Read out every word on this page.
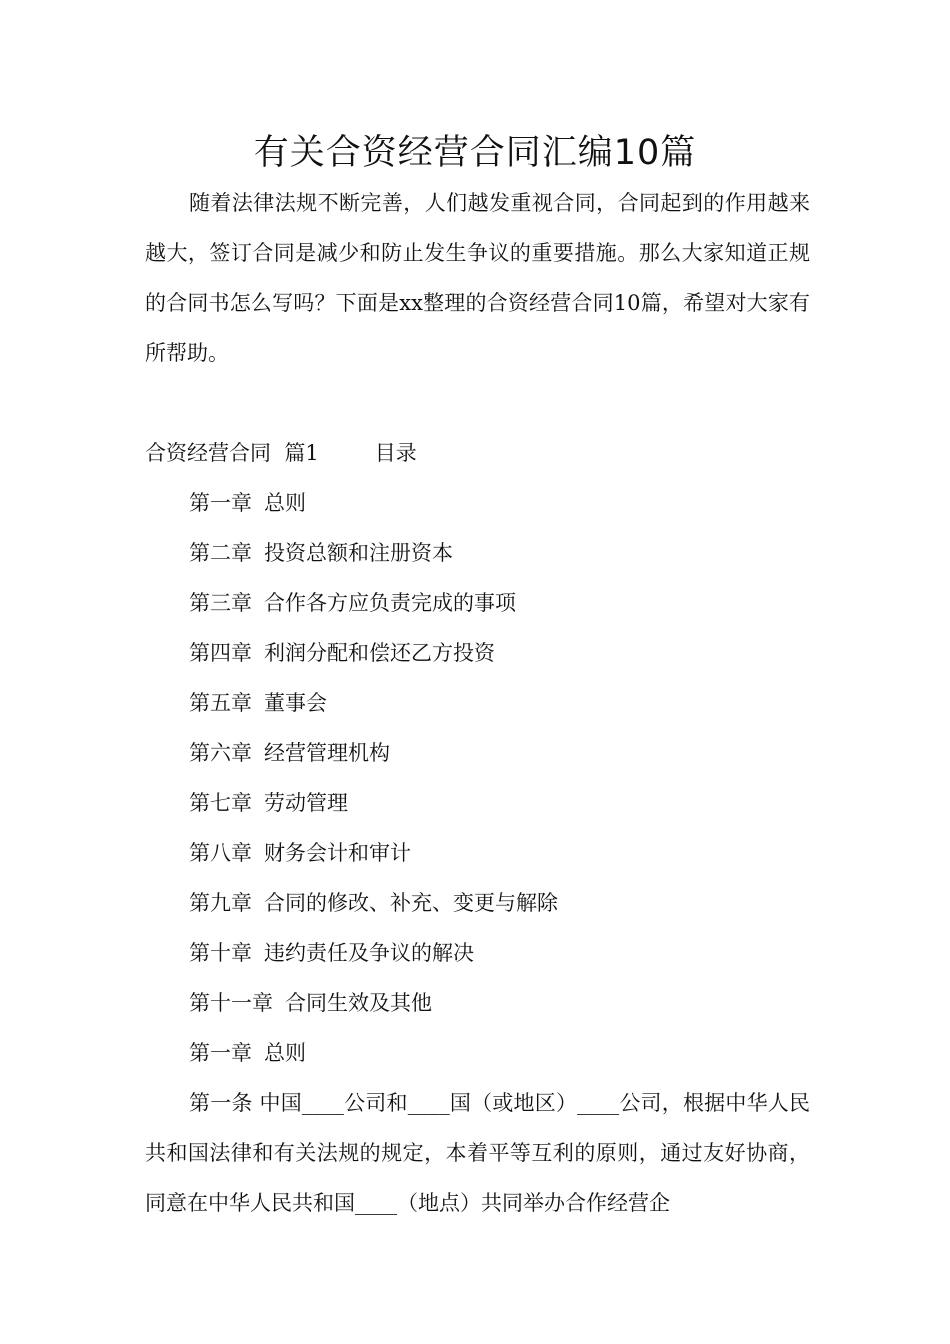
有关合资经营合同汇编10篇

随着法律法规不断完善，人们越发重视合同，合同起到的作用越来越大，签订合同是减少和防止发生争议的重要措施。那么大家知道正规的合同书怎么写吗？下面是xx整理的合资经营合同10篇，希望对大家有所帮助。

合资经营合同  篇1	目录

第一章 总则

第二章 投资总额和注册资本

第三章 合作各方应负责完成的事项

第四章 利润分配和偿还乙方投资

第五章 董事会

第六章 经营管理机构

第七章 劳动管理

第八章 财务会计和审计

第九章 合同的修改、补充、变更与解除

第十章 违约责任及争议的解决

第十一章 合同生效及其他

第一章 总则

第一条 中国____公司和____国（或地区）____公司，根据中华人民共和国法律和有关法规的规定，本着平等互利的原则，通过友好协商，同意在中华人民共和国____（地点）共同举办合作经营企
